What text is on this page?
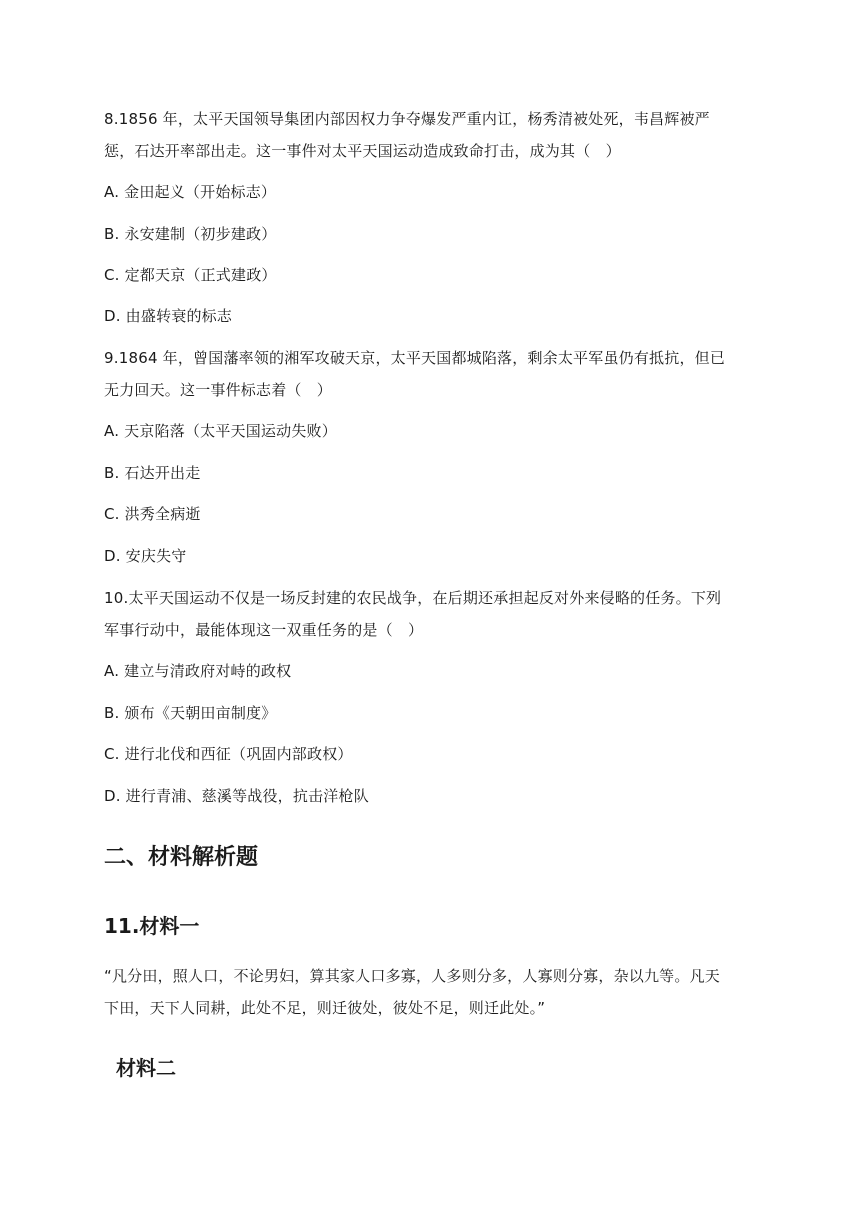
8.1856 年，太平天国领导集团内部因权力争夺爆发严重内讧，杨秀清被处死，韦昌辉被严

惩，石达开率部出走。这一事件对太平天国运动造成致命打击，成为其（　）

A. 金田起义（开始标志）

B. 永安建制（初步建政）

C. 定都天京（正式建政）

D. 由盛转衰的标志

9.1864 年，曾国藩率领的湘军攻破天京，太平天国都城陷落，剩余太平军虽仍有抵抗，但已

无力回天。这一事件标志着（　）

A. 天京陷落（太平天国运动失败）

B. 石达开出走

C. 洪秀全病逝

D. 安庆失守

10.太平天国运动不仅是一场反封建的农民战争，在后期还承担起反对外来侵略的任务。下列

军事行动中，最能体现这一双重任务的是（　）

A. 建立与清政府对峙的政权

B. 颁布《天朝田亩制度》

C. 进行北伐和西征（巩固内部政权）

D. 进行青浦、慈溪等战役，抗击洋枪队

二、材料解析题
11.材料一

“凡分田，照人口，不论男妇，算其家人口多寡，人多则分多，人寡则分寡，杂以九等。凡天

下田，天下人同耕，此处不足，则迁彼处，彼处不足，则迁此处。”

材料二
